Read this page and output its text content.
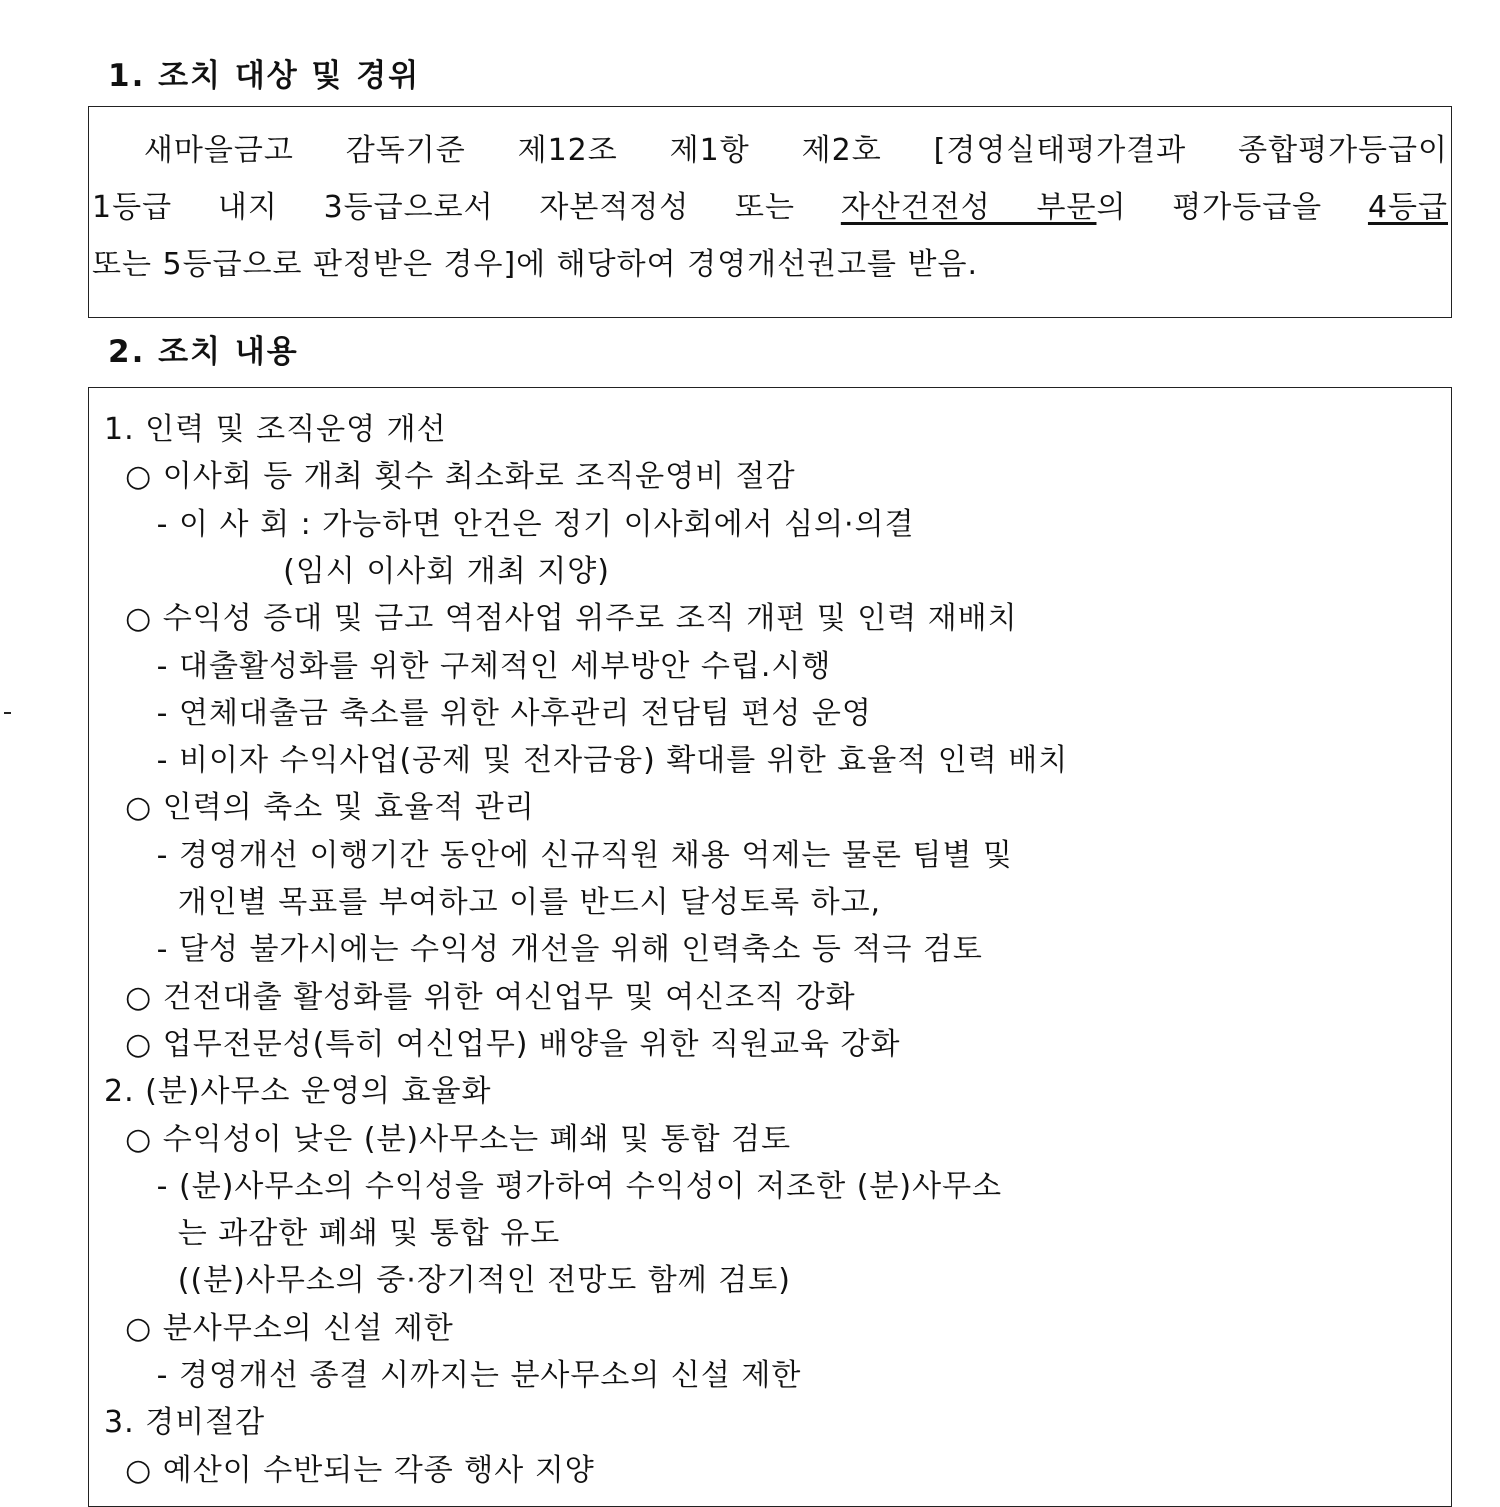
1. 조치 대상 및 경위
새마을금고 감독기준 제12조 제1항 제2호 [경영실태평가결과 종합평가등급이
1등급 내지 3등급으로서 자본적정성 또는 자산건전성 부문의 평가등급을 4등급
또는 5등급으로 판정받은 경우]에 해당하여 경영개선권고를 받음.
2. 조치 내용
1. 인력 및 조직운영 개선
○ 이사회 등 개최 횟수 최소화로 조직운영비 절감
- 이 사 회 : 가능하면 안건은 정기 이사회에서 심의·의결
(임시 이사회 개최 지양)
○ 수익성 증대 및 금고 역점사업 위주로 조직 개편 및 인력 재배치
- 대출활성화를 위한 구체적인 세부방안 수립.시행
- 연체대출금 축소를 위한 사후관리 전담팀 편성 운영
- 비이자 수익사업(공제 및 전자금융) 확대를 위한 효율적 인력 배치
○ 인력의 축소 및 효율적 관리
- 경영개선 이행기간 동안에 신규직원 채용 억제는 물론 팀별 및
개인별 목표를 부여하고 이를 반드시 달성토록 하고,
- 달성 불가시에는 수익성 개선을 위해 인력축소 등 적극 검토
○ 건전대출 활성화를 위한 여신업무 및 여신조직 강화
○ 업무전문성(특히 여신업무) 배양을 위한 직원교육 강화
2. (분)사무소 운영의 효율화
○ 수익성이 낮은 (분)사무소는 폐쇄 및 통합 검토
- (분)사무소의 수익성을 평가하여 수익성이 저조한 (분)사무소
는 과감한 폐쇄 및 통합 유도
((분)사무소의 중·장기적인 전망도 함께 검토)
○ 분사무소의 신설 제한
- 경영개선 종결 시까지는 분사무소의 신설 제한
3. 경비절감
○ 예산이 수반되는 각종 행사 지양
